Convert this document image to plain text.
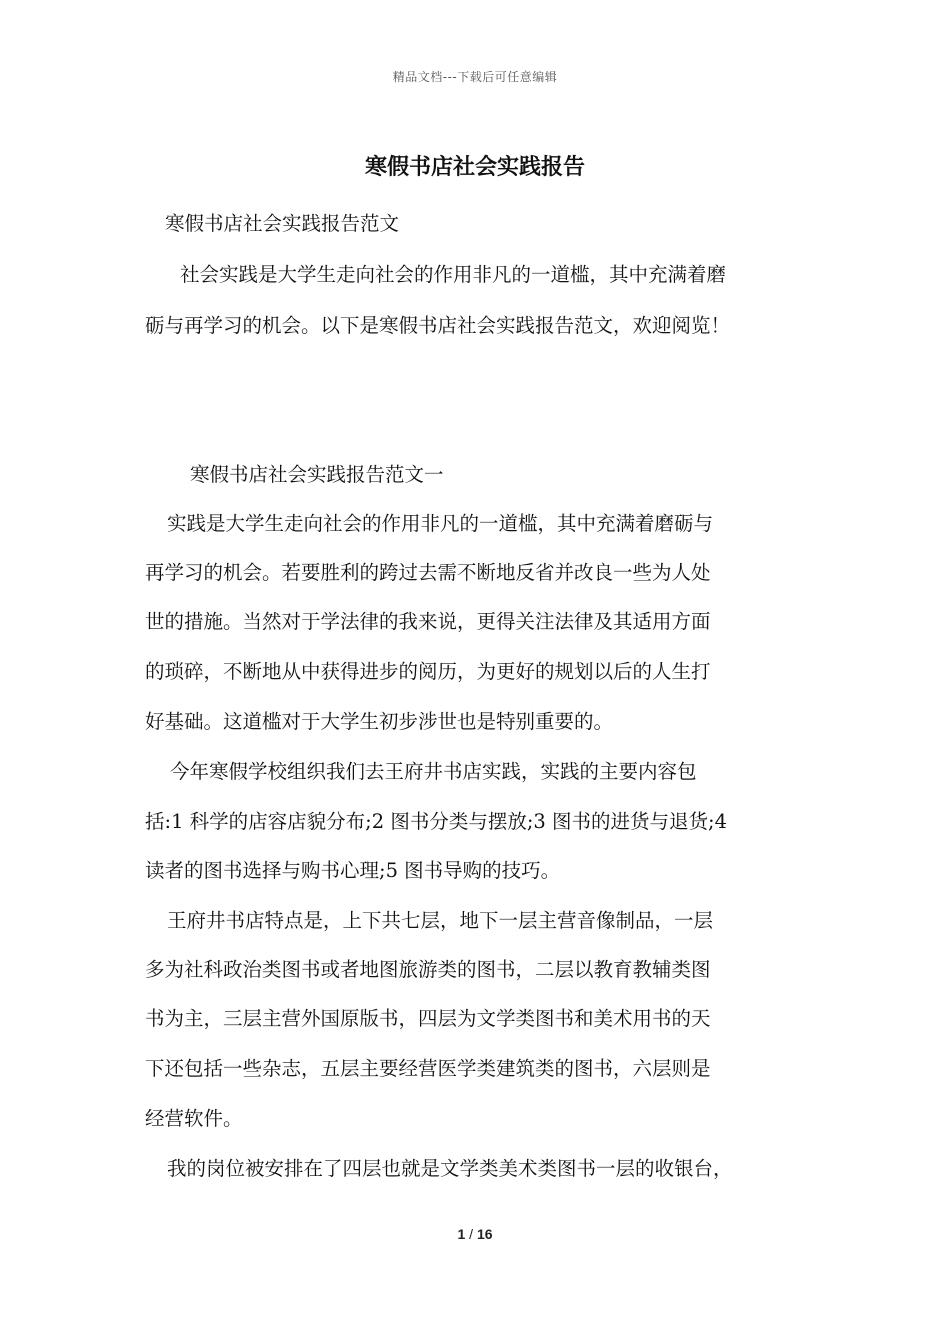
精品文档---下载后可任意编辑
寒假书店社会实践报告
寒假书店社会实践报告范文
社会实践是大学生走向社会的作用非凡的一道槛，其中充满着磨
砺与再学习的机会。以下是寒假书店社会实践报告范文，欢迎阅览！
寒假书店社会实践报告范文一
实践是大学生走向社会的作用非凡的一道槛，其中充满着磨砺与
再学习的机会。若要胜利的跨过去需不断地反省并改良一些为人处
世的措施。当然对于学法律的我来说，更得关注法律及其适用方面
的琐碎，不断地从中获得进步的阅历，为更好的规划以后的人生打
好基础。这道槛对于大学生初步涉世也是特别重要的。
今年寒假学校组织我们去王府井书店实践，实践的主要内容包
括:1 科学的店容店貌分布;2 图书分类与摆放;3 图书的进货与退货;4
读者的图书选择与购书心理;5 图书导购的技巧。
王府井书店特点是，上下共七层，地下一层主营音像制品，一层
多为社科政治类图书或者地图旅游类的图书，二层以教育教辅类图
书为主，三层主营外国原版书，四层为文学类图书和美术用书的天
下还包括一些杂志，五层主要经营医学类建筑类的图书，六层则是
经营软件。
我的岗位被安排在了四层也就是文学类美术类图书一层的收银台，
1 / 16
